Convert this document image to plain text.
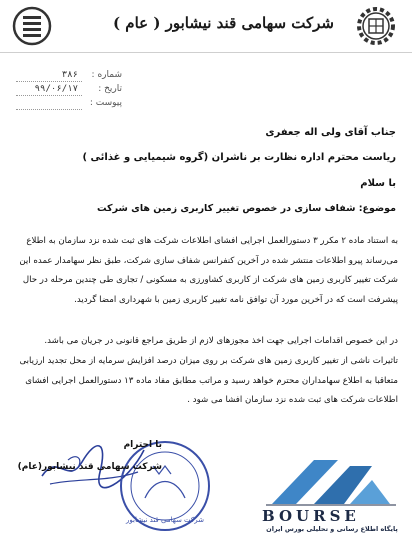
شرکت سهامی قند نیشابور ( عام )
شماره :
۳۸۶
تاریخ :
۹۹/۰۶/۱۷
پیوست :
جناب آقای ولی اله جعفری
ریاست محترم اداره نظارت بر ناشران (گروه شیمیایی و غذائی )
با سلام
موضوع: شفاف سازی در خصوص تغییر کاربری زمین های شرکت
به استناد ماده ۲ مکرر ۳ دستورالعمل اجرایی افشای اطلاعات شرکت های ثبت شده نزد سازمان به اطلاع می‌رساند پیرو اطلاعات منتشر شده در آخرین کنفرانس شفاف سازی شرکت، طبق نظر سهامدار عمده این شرکت تغییر کاربری زمین های شرکت از کاربری کشاورزی به مسکونی / تجاری طی چندین مرحله در حال پیشرفت است که در آخرین مورد آن توافق نامه تغییر کاربری زمین با شهرداری امضا گردید.
در این خصوص اقدامات اجرایی جهت اخذ مجوزهای لازم از طریق مراجع قانونی در جریان می باشد.
تاثیرات ناشی از تغییر کاربری زمین های شرکت بر روی میزان درصد افزایش سرمایه از محل تجدید ارزیابی متعاقبا به اطلاع سهامداران محترم خواهد رسید و مراتب مطابق مفاد ماده ۱۳ دستورالعمل اجرایی افشای اطلاعات شرکت های ثبت شده نزد سازمان افشا می شود .
شرکت سهامی قند نیشابور
با احترام
شرکت سهامی قند نیشابور(عام)
BOURSE
پایگاه اطلاع رسانی و تحلیلی بورس ایران
